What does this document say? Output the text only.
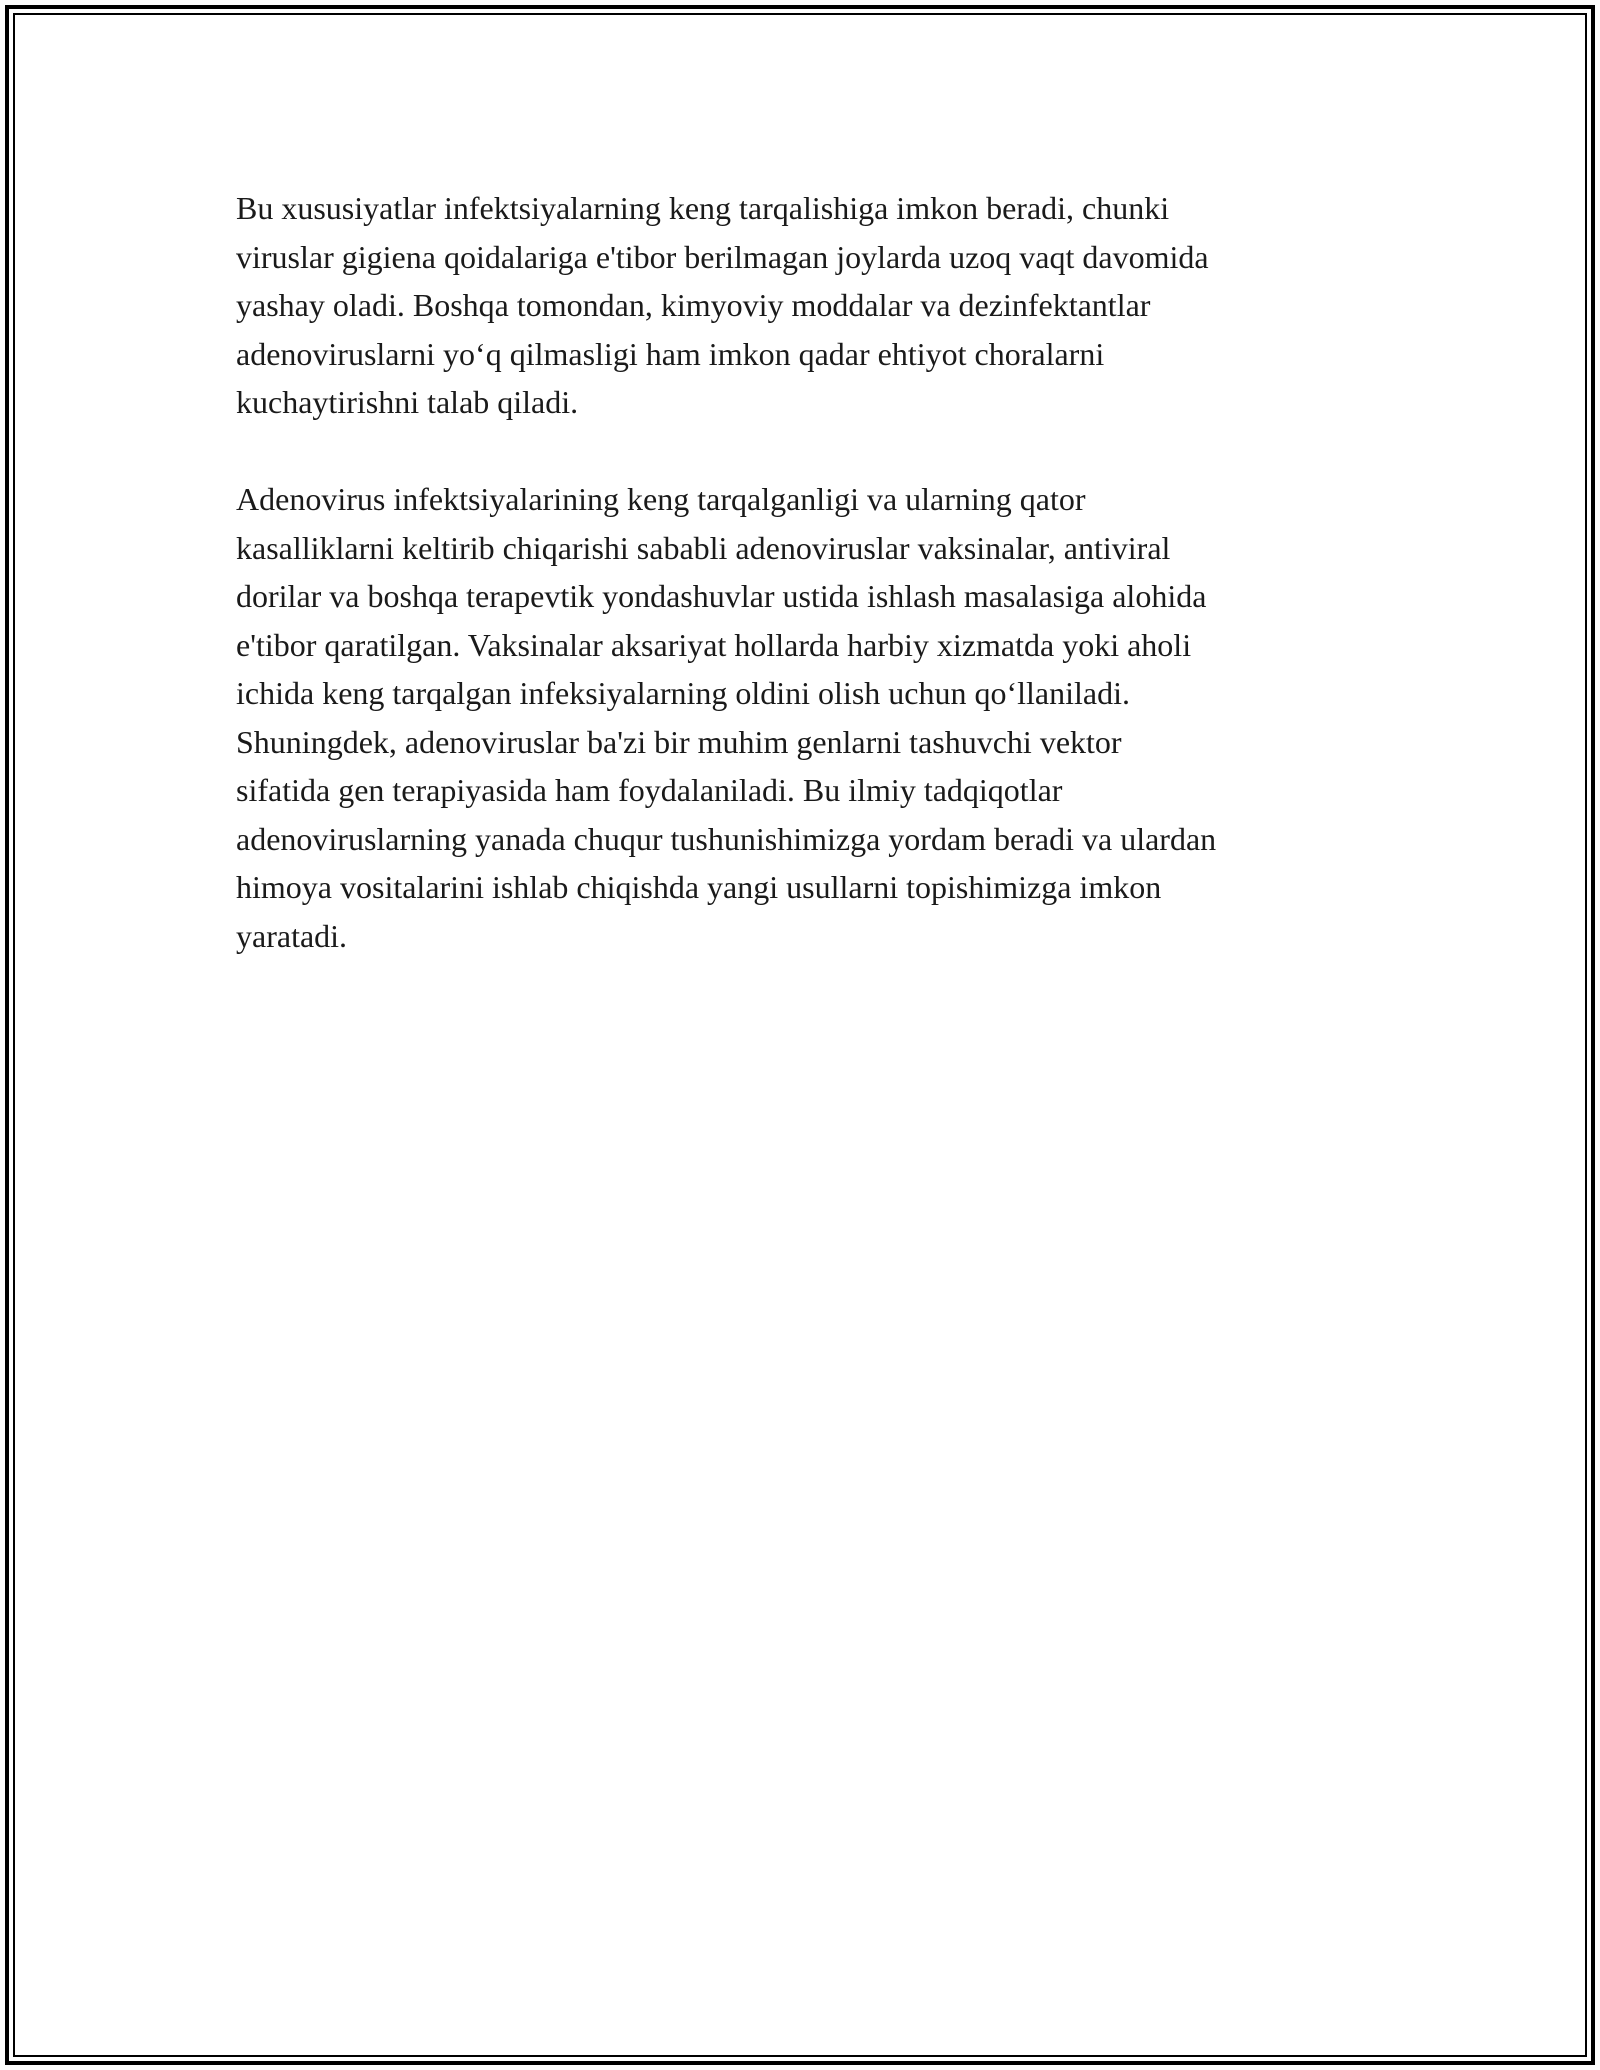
Bu xususiyatlar infektsiyalarning keng tarqalishiga imkon beradi, chunki
viruslar gigiena qoidalariga e'tibor berilmagan joylarda uzoq vaqt davomida
yashay oladi. Boshqa tomondan, kimyoviy moddalar va dezinfektantlar
adenoviruslarni yo‘q qilmasligi ham imkon qadar ehtiyot choralarni
kuchaytirishni talab qiladi.

Adenovirus infektsiyalarining keng tarqalganligi va ularning qator
kasalliklarni keltirib chiqarishi sababli adenoviruslar vaksinalar, antiviral
dorilar va boshqa terapevtik yondashuvlar ustida ishlash masalasiga alohida
e'tibor qaratilgan. Vaksinalar aksariyat hollarda harbiy xizmatda yoki aholi
ichida keng tarqalgan infeksiyalarning oldini olish uchun qo‘llaniladi.
Shuningdek, adenoviruslar ba'zi bir muhim genlarni tashuvchi vektor
sifatida gen terapiyasida ham foydalaniladi. Bu ilmiy tadqiqotlar
adenoviruslarning yanada chuqur tushunishimizga yordam beradi va ulardan
himoya vositalarini ishlab chiqishda yangi usullarni topishimizga imkon
yaratadi.
